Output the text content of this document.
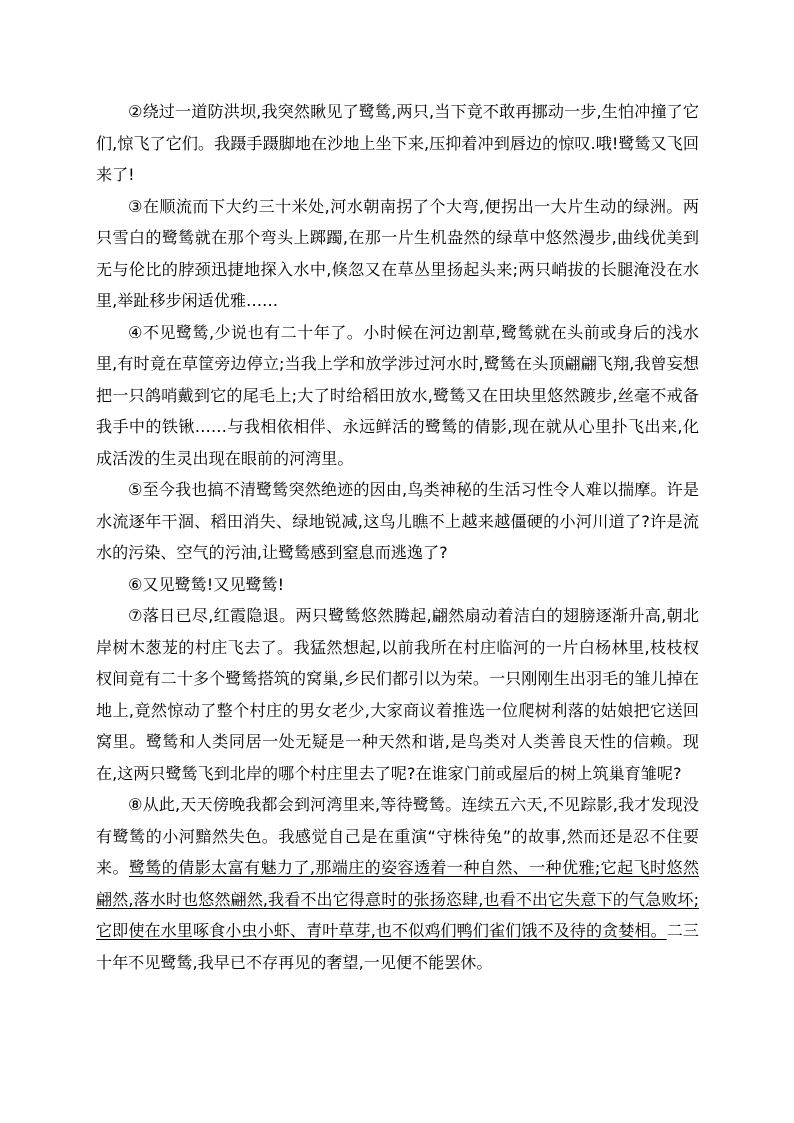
②绕过一道防洪坝,我突然瞅见了鹭鸶,两只,当下竟不敢再挪动一步,生怕冲撞了它们,惊飞了它们。我蹑手蹑脚地在沙地上坐下来,压抑着冲到唇边的惊叹.哦!鹭鸶又飞回来了!

③在顺流而下大约三十米处,河水朝南拐了个大弯,便拐出一大片生动的绿洲。两只雪白的鹭鸶就在那个弯头上踯躅,在那一片生机盎然的绿草中悠然漫步,曲线优美到无与伦比的脖颈迅捷地探入水中,倏忽又在草丛里扬起头来;两只峭拔的长腿淹没在水里,举趾移步闲适优雅……

④不见鹭鸶,少说也有二十年了。小时候在河边割草,鹭鸶就在头前或身后的浅水里,有时竟在草筐旁边停立;当我上学和放学涉过河水时,鹭鸶在头顶翩翩飞翔,我曾妄想把一只鸽哨戴到它的尾毛上;大了时给稻田放水,鹭鸶又在田块里悠然踱步,丝毫不戒备我手中的铁锹……与我相依相伴、永远鲜活的鹭鸶的倩影,现在就从心里扑飞出来,化成活泼的生灵出现在眼前的河湾里。

⑤至今我也搞不清鹭鸶突然绝迹的因由,鸟类神秘的生活习性令人难以揣摩。许是水流逐年干涸、稻田消失、绿地锐减,这鸟儿瞧不上越来越僵硬的小河川道了?许是流水的污染、空气的污油,让鹭鸶感到窒息而逃逸了?

⑥又见鹭鸶!又见鹭鸶!

⑦落日已尽,红霞隐退。两只鹭鸶悠然腾起,翩然扇动着洁白的翅膀逐渐升高,朝北岸树木葱茏的村庄飞去了。我猛然想起,以前我所在村庄临河的一片白杨林里,枝枝杈杈间竟有二十多个鹭鸶搭筑的窝巢,乡民们都引以为荣。一只刚刚生出羽毛的雏儿掉在地上,竟然惊动了整个村庄的男女老少,大家商议着推选一位爬树利落的姑娘把它送回窝里。鹭鸶和人类同居一处无疑是一种天然和谐,是鸟类对人类善良天性的信赖。现在,这两只鹭鸶飞到北岸的哪个村庄里去了呢?在谁家门前或屋后的树上筑巢育雏呢?

⑧从此,天天傍晚我都会到河湾里来,等待鹭鸶。连续五六天,不见踪影,我才发现没有鹭鸶的小河黯然失色。我感觉自己是在重演“守株待兔”的故事,然而还是忍不住要来。鹭鸶的倩影太富有魅力了,那端庄的姿容透着一种自然、一种优雅;它起飞时悠然翩然,落水时也悠然翩然,我看不出它得意时的张扬恣肆,也看不出它失意下的气急败坏;它即使在水里啄食小虫小虾、青叶草芽,也不似鸡们鸭们雀们饿不及待的贪婪相。二三十年不见鹭鸶,我早已不存再见的奢望,一见便不能罢休。
